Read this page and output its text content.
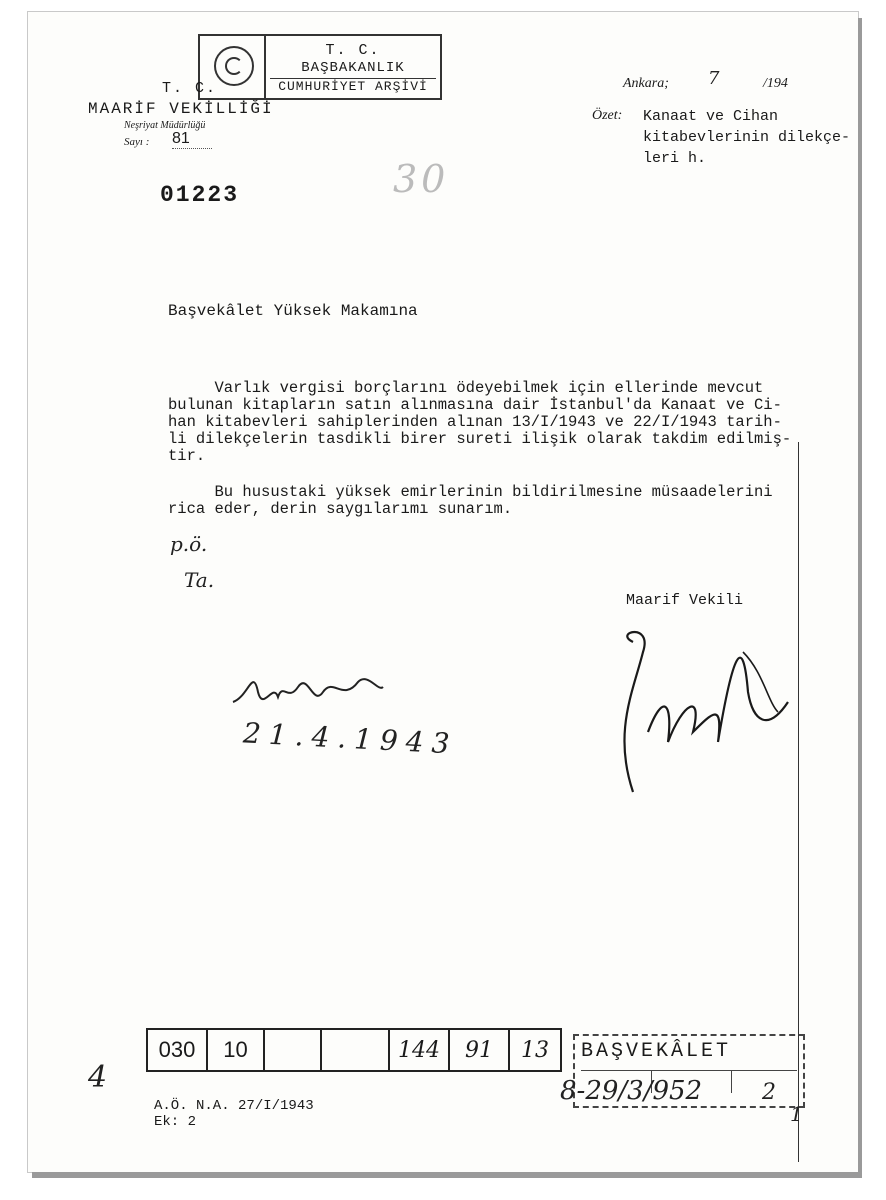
T. C.
BAŞBAKANLIK
CUMHURİYET ARŞİVİ
T. C.
MAARİF VEKİLLİĞİ
Neşriyat Müdürlüğü
Sayı : 81
01223	30
Ankara; 7	/194
Özet: Kanaat ve Cihan
kitabevlerinin dilekçe-
leri h.
Başvekâlet Yüksek Makamına
Varlık vergisi borçlarını ödeyebilmek için ellerinde mevcut
bulunan kitapların satın alınmasına dair İstanbul'da Kanaat ve Ci-
han kitabevleri sahiplerinden alınan 13/I/1943 ve 22/I/1943 tarih-
li dilekçelerin tasdikli birer sureti ilişik olarak takdim edilmiş-
tir.
Bu husustaki yüksek emirlerinin bildirilmesine müsaadelerini
rica eder, derin saygılarımı sunarım.
p.ö.
Ta.
Maarif Vekili
21.4.1943
4
030	10	144	91	13	BAŞVEKÂLET
8-29/3/952	2
1
A.Ö. N.A. 27/I/1943
Ek: 2
